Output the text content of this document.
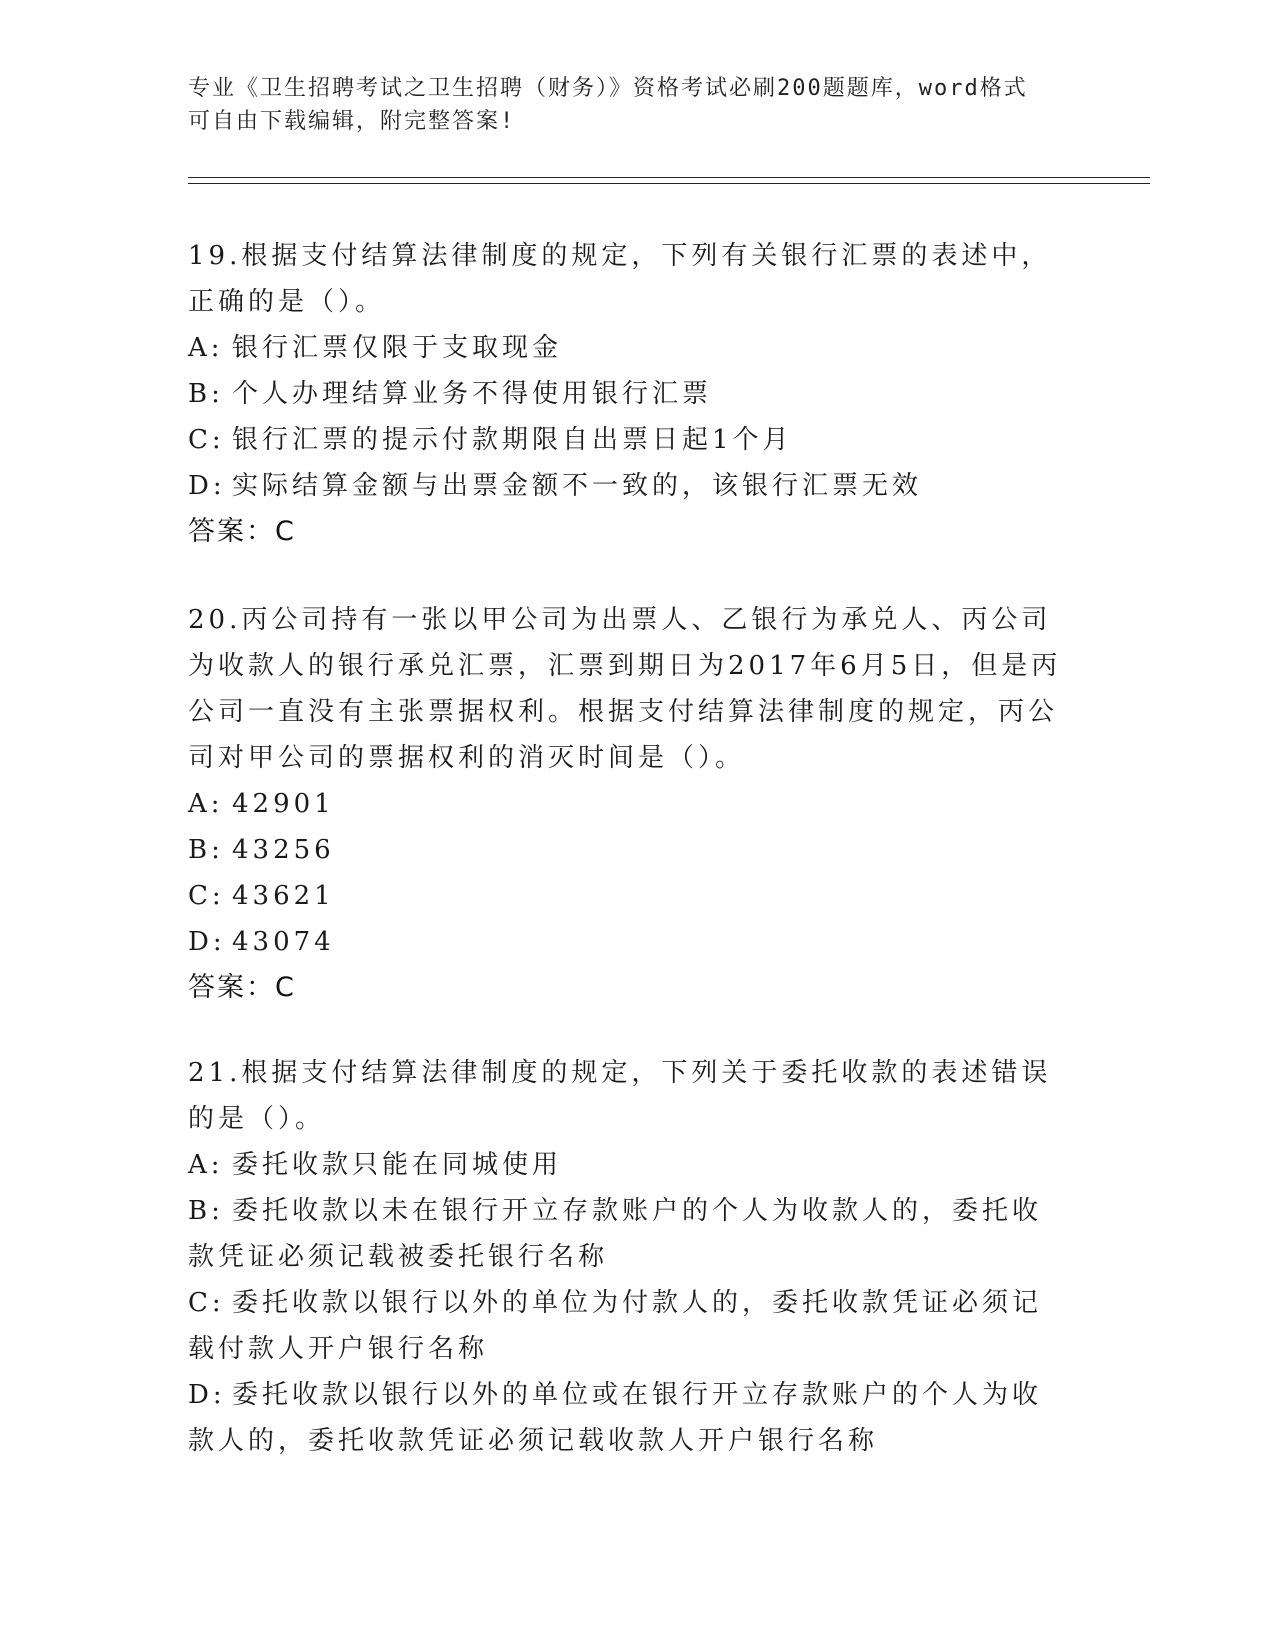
专业《卫生招聘考试之卫生招聘（财务）》资格考试必刷200题题库，word格式
可自由下载编辑，附完整答案!

19.根据支付结算法律制度的规定，下列有关银行汇票的表述中，正确的是（）。

A: 银行汇票仅限于支取现金

B: 个人办理结算业务不得使用银行汇票

C: 银行汇票的提示付款期限自出票日起1个月

D: 实际结算金额与出票金额不一致的，该银行汇票无效

答案：C

20.丙公司持有一张以甲公司为出票人、乙银行为承兑人、丙公司为收款人的银行承兑汇票，汇票到期日为2017年6月5日，但是丙公司一直没有主张票据权利。根据支付结算法律制度的规定，丙公司对甲公司的票据权利的消灭时间是（）。

A: 42901

B: 43256

C: 43621

D: 43074

答案：C

21.根据支付结算法律制度的规定，下列关于委托收款的表述错误的是（）。

A: 委托收款只能在同城使用

B: 委托收款以未在银行开立存款账户的个人为收款人的，委托收款凭证必须记载被委托银行名称

C: 委托收款以银行以外的单位为付款人的，委托收款凭证必须记载付款人开户银行名称

D: 委托收款以银行以外的单位或在银行开立存款账户的个人为收款人的，委托收款凭证必须记载收款人开户银行名称
